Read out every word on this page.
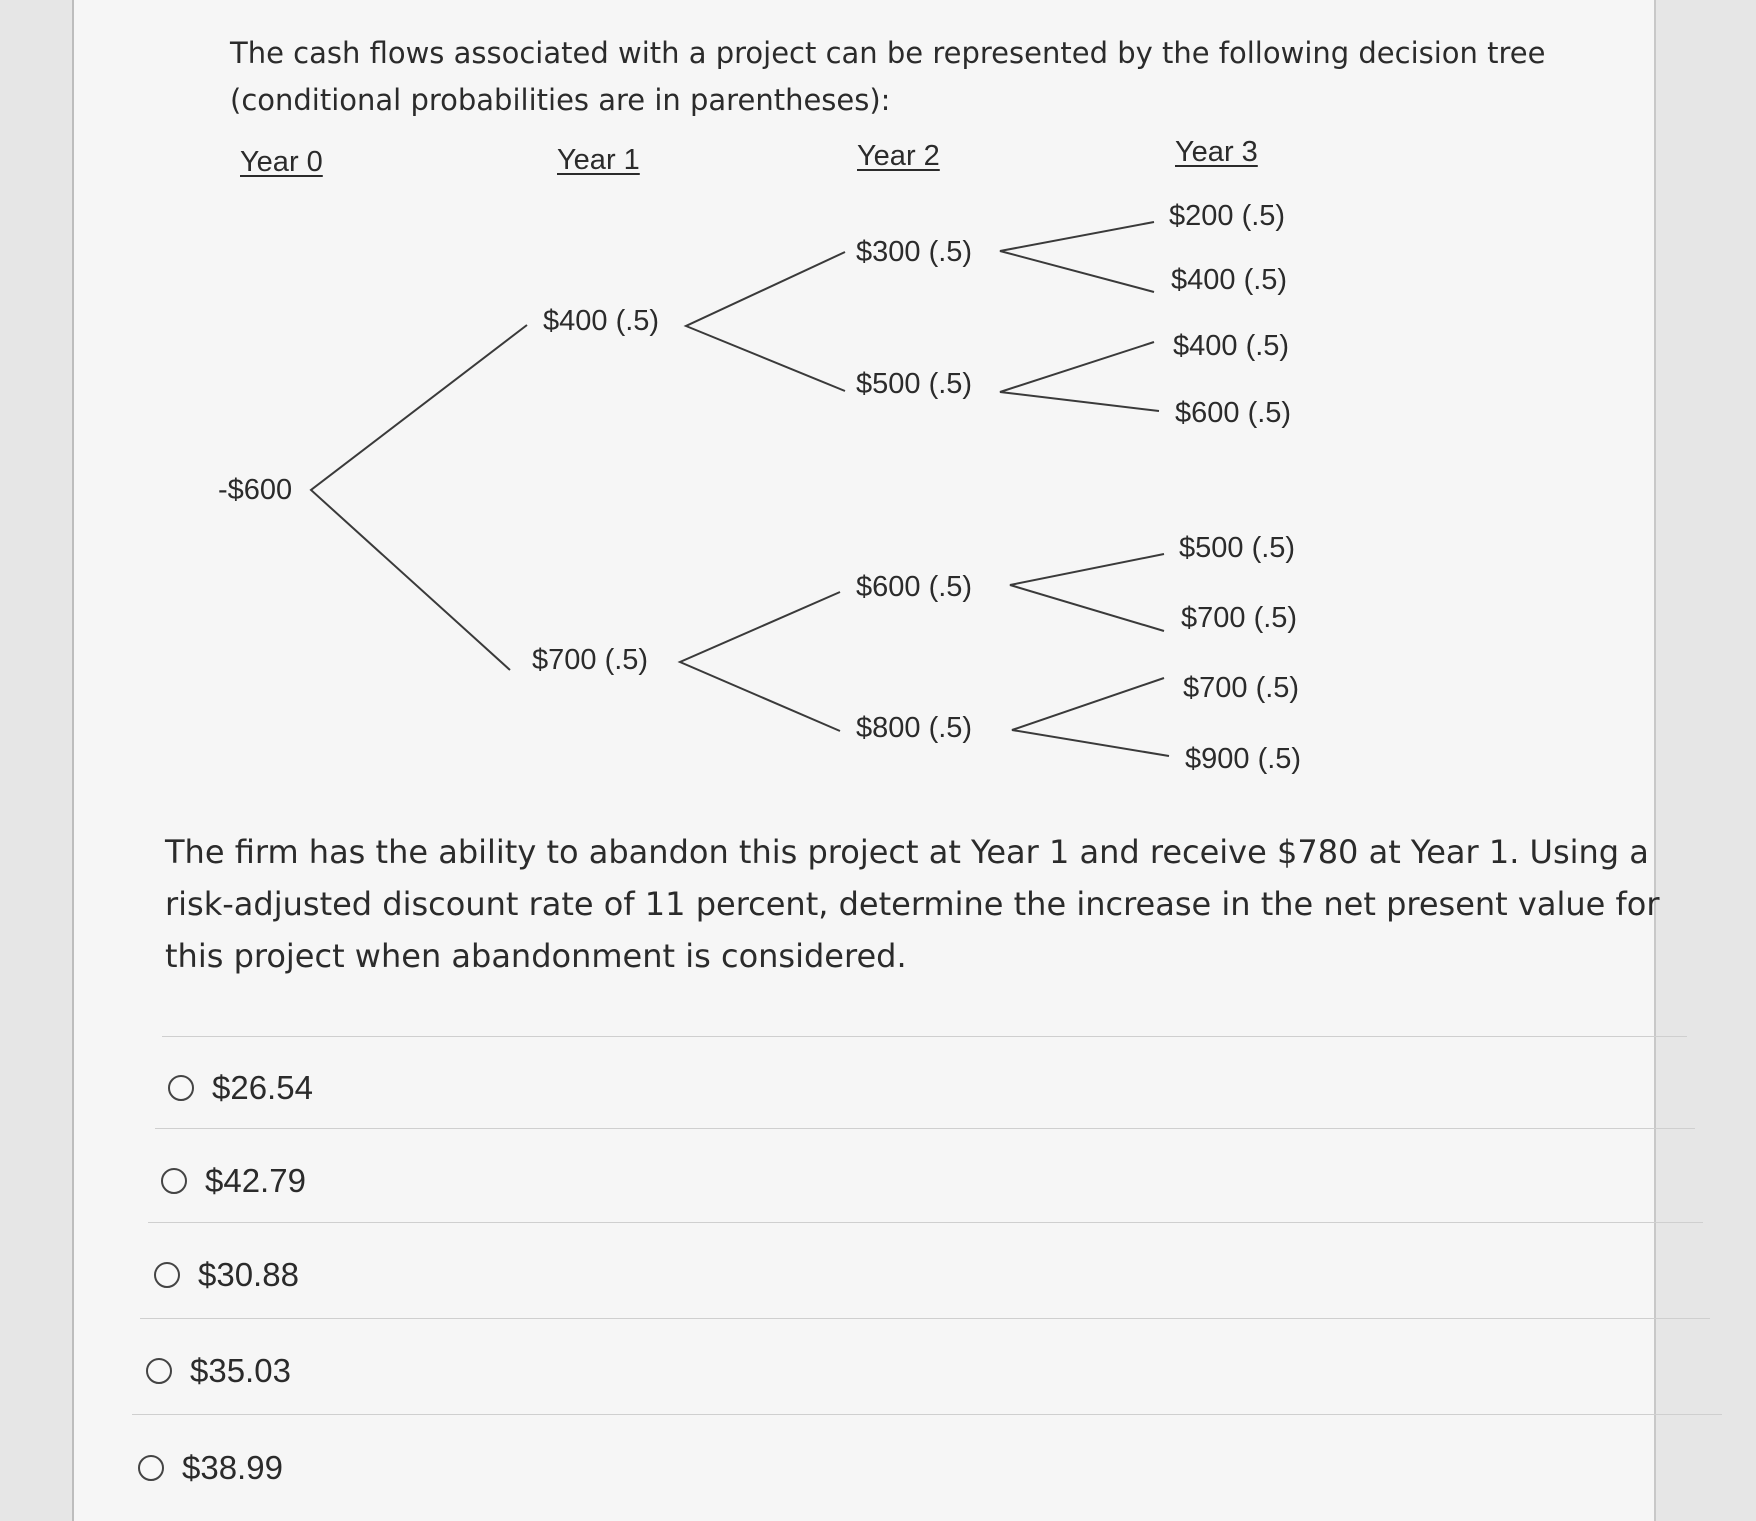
The cash flows associated with a project can be represented by the following decision tree
(conditional probabilities are in parentheses):

Year 0	Year 1	Year 2	Year 3
-$600
$400 (.5)
$700 (.5)
$300 (.5)
$500 (.5)
$600 (.5)
$800 (.5)
$200 (.5)
$400 (.5)
$400 (.5)
$600 (.5)
$500 (.5)
$700 (.5)
$700 (.5)
$900 (.5)

The firm has the ability to abandon this project at Year 1 and receive $780 at Year 1. Using a
risk-adjusted discount rate of 11 percent, determine the increase in the net present value for
this project when abandonment is considered.

$26.54
$42.79
$30.88
$35.03
$38.99
